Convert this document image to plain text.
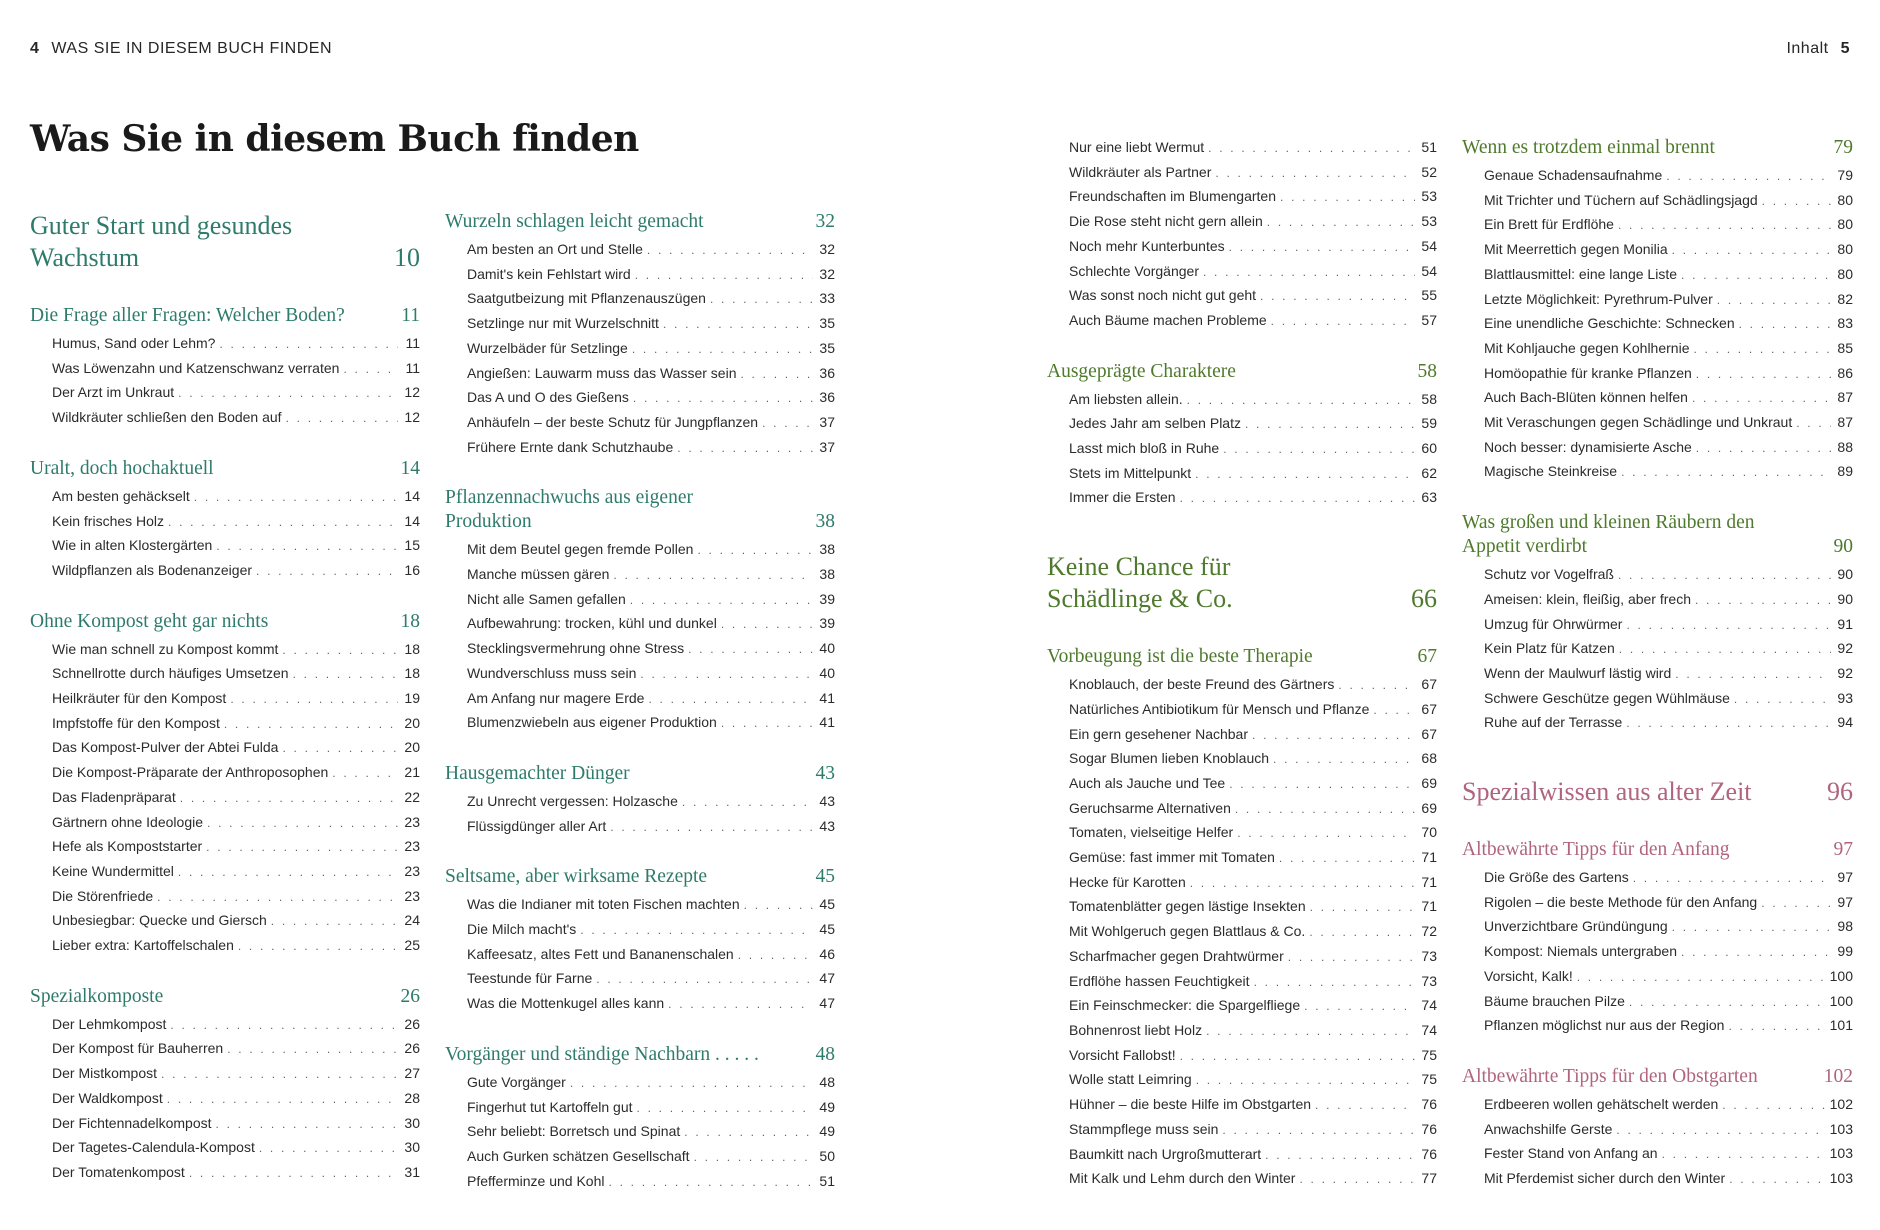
4 WAS SIE IN DIESEM BUCH FINDEN	Inhalt 5
Was Sie in diesem Buch finden
Guter Start und gesundes Wachstum	10
Die Frage aller Fragen: Welcher Boden?	11
Humus, Sand oder Lehm? . . .	11
Was Löwenzahn und Katzenschwanz verraten . . .	11
Der Arzt im Unkraut . . .	12
Wildkräuter schließen den Boden auf . . .	12
Uralt, doch hochaktuell	14
Am besten gehäckselt . . .	14
Kein frisches Holz . . .	14
Wie in alten Klostergärten . . .	15
Wildpflanzen als Bodenanzeiger . . .	16
Ohne Kompost geht gar nichts	18
Wie man schnell zu Kompost kommt . . .	18
Schnellrotte durch häufiges Umsetzen . . .	18
Heilkräuter für den Kompost . . .	19
Impfstoffe für den Kompost . . .	20
Das Kompost-Pulver der Abtei Fulda . . .	20
Die Kompost-Präparate der Anthroposophen . . .	21
Das Fladenpräparat . . .	22
Gärtnern ohne Ideologie . . .	23
Hefe als Kompoststarter . . .	23
Keine Wundermittel . . .	23
Die Störenfriede . . .	23
Unbesiegbar: Quecke und Giersch . . .	24
Lieber extra: Kartoffelschalen . . .	25
Spezialkomposte	26
Der Lehmkompost . . .	26
Der Kompost für Bauherren . . .	26
Der Mistkompost . . .	27
Der Waldkompost . . .	28
Der Fichtennadelkompost . . .	30
Der Tagetes-Calendula-Kompost . . .	30
Der Tomatenkompost . . .	31
Wurzeln schlagen leicht gemacht	32
Am besten an Ort und Stelle . . .	32
Damit's kein Fehlstart wird . . .	32
Saatgutbeizung mit Pflanzenauszügen . . .	33
Setzlinge nur mit Wurzelschnitt . . .	35
Wurzelbäder für Setzlinge . . .	35
Angießen: Lauwarm muss das Wasser sein . . .	36
Das A und O des Gießens . . .	36
Anhäufeln – der beste Schutz für Jungpflanzen . . .	37
Frühere Ernte dank Schutzhaube . . .	37
Pflanzennachwuchs aus eigener Produktion	38
Mit dem Beutel gegen fremde Pollen . . .	38
Manche müssen gären . . .	38
Nicht alle Samen gefallen . . .	39
Aufbewahrung: trocken, kühl und dunkel . . .	39
Stecklingsvermehrung ohne Stress . . .	40
Wundverschluss muss sein . . .	40
Am Anfang nur magere Erde . . .	41
Blumenzwiebeln aus eigener Produktion . . .	41
Hausgemachter Dünger	43
Zu Unrecht vergessen: Holzasche . . .	43
Flüssigdünger aller Art . . .	43
Seltsame, aber wirksame Rezepte	45
Was die Indianer mit toten Fischen machten . . .	45
Die Milch macht's . . .	45
Kaffeesatz, altes Fett und Bananenschalen . . .	46
Teestunde für Farne . . .	47
Was die Mottenkugel alles kann . . .	47
Vorgänger und ständige Nachbarn . . . . .	48
Gute Vorgänger . . .	48
Fingerhut tut Kartoffeln gut . . .	49
Sehr beliebt: Borretsch und Spinat . . .	49
Auch Gurken schätzen Gesellschaft . . .	50
Pfefferminze und Kohl . . .	51
Nur eine liebt Wermut . . .	51
Wildkräuter als Partner . . .	52
Freundschaften im Blumengarten . . .	53
Die Rose steht nicht gern allein . . .	53
Noch mehr Kunterbuntes . . .	54
Schlechte Vorgänger . . .	54
Was sonst noch nicht gut geht . . .	55
Auch Bäume machen Probleme . . .	57
Ausgeprägte Charaktere	58
Am liebsten allein. . . .	58
Jedes Jahr am selben Platz . . .	59
Lasst mich bloß in Ruhe . . .	60
Stets im Mittelpunkt . . .	62
Immer die Ersten . . .	63
Keine Chance für Schädlinge & Co.	66
Vorbeugung ist die beste Therapie	67
Knoblauch, der beste Freund des Gärtners . . .	67
Natürliches Antibiotikum für Mensch und Pflanze . . .	67
Ein gern gesehener Nachbar . . .	67
Sogar Blumen lieben Knoblauch . . .	68
Auch als Jauche und Tee . . .	69
Geruchsarme Alternativen . . .	69
Tomaten, vielseitige Helfer . . .	70
Gemüse: fast immer mit Tomaten . . .	71
Hecke für Karotten . . .	71
Tomatenblätter gegen lästige Insekten . . .	71
Mit Wohlgeruch gegen Blattlaus & Co. . . .	72
Scharfmacher gegen Drahtwürmer . . .	73
Erdflöhe hassen Feuchtigkeit . . .	73
Ein Feinschmecker: die Spargelfliege . . .	74
Bohnenrost liebt Holz . . .	74
Vorsicht Fallobst! . . .	75
Wolle statt Leimring . . .	75
Hühner – die beste Hilfe im Obstgarten . . .	76
Stammpflege muss sein . . .	76
Baumkitt nach Urgroßmutterart . . .	76
Mit Kalk und Lehm durch den Winter . . .	77
Wenn es trotzdem einmal brennt	79
Genaue Schadensaufnahme . . .	79
Mit Trichter und Tüchern auf Schädlingsjagd . . .	80
Ein Brett für Erdflöhe . . .	80
Mit Meerrettich gegen Monilia . . .	80
Blattlausmittel: eine lange Liste . . .	80
Letzte Möglichkeit: Pyrethrum-Pulver . . .	82
Eine unendliche Geschichte: Schnecken . . .	83
Mit Kohljauche gegen Kohlhernie . . .	85
Homöopathie für kranke Pflanzen . . .	86
Auch Bach-Blüten können helfen . . .	87
Mit Veraschungen gegen Schädlinge und Unkraut . . .	87
Noch besser: dynamisierte Asche . . .	88
Magische Steinkreise . . .	89
Was großen und kleinen Räubern den Appetit verdirbt	90
Schutz vor Vogelfraß . . .	90
Ameisen: klein, fleißig, aber frech . . .	90
Umzug für Ohrwürmer . . .	91
Kein Platz für Katzen . . .	92
Wenn der Maulwurf lästig wird . . .	92
Schwere Geschütze gegen Wühlmäuse . . .	93
Ruhe auf der Terrasse . . .	94
Spezialwissen aus alter Zeit	96
Altbewährte Tipps für den Anfang	97
Die Größe des Gartens . . .	97
Rigolen – die beste Methode für den Anfang . . .	97
Unverzichtbare Gründüngung . . .	98
Kompost: Niemals untergraben . . .	99
Vorsicht, Kalk! . . .	100
Bäume brauchen Pilze . . .	100
Pflanzen möglichst nur aus der Region . . .	101
Altbewährte Tipps für den Obstgarten	102
Erdbeeren wollen gehätschelt werden . . .	102
Anwachshilfe Gerste . . .	103
Fester Stand von Anfang an . . .	103
Mit Pferdemist sicher durch den Winter . . .	103
